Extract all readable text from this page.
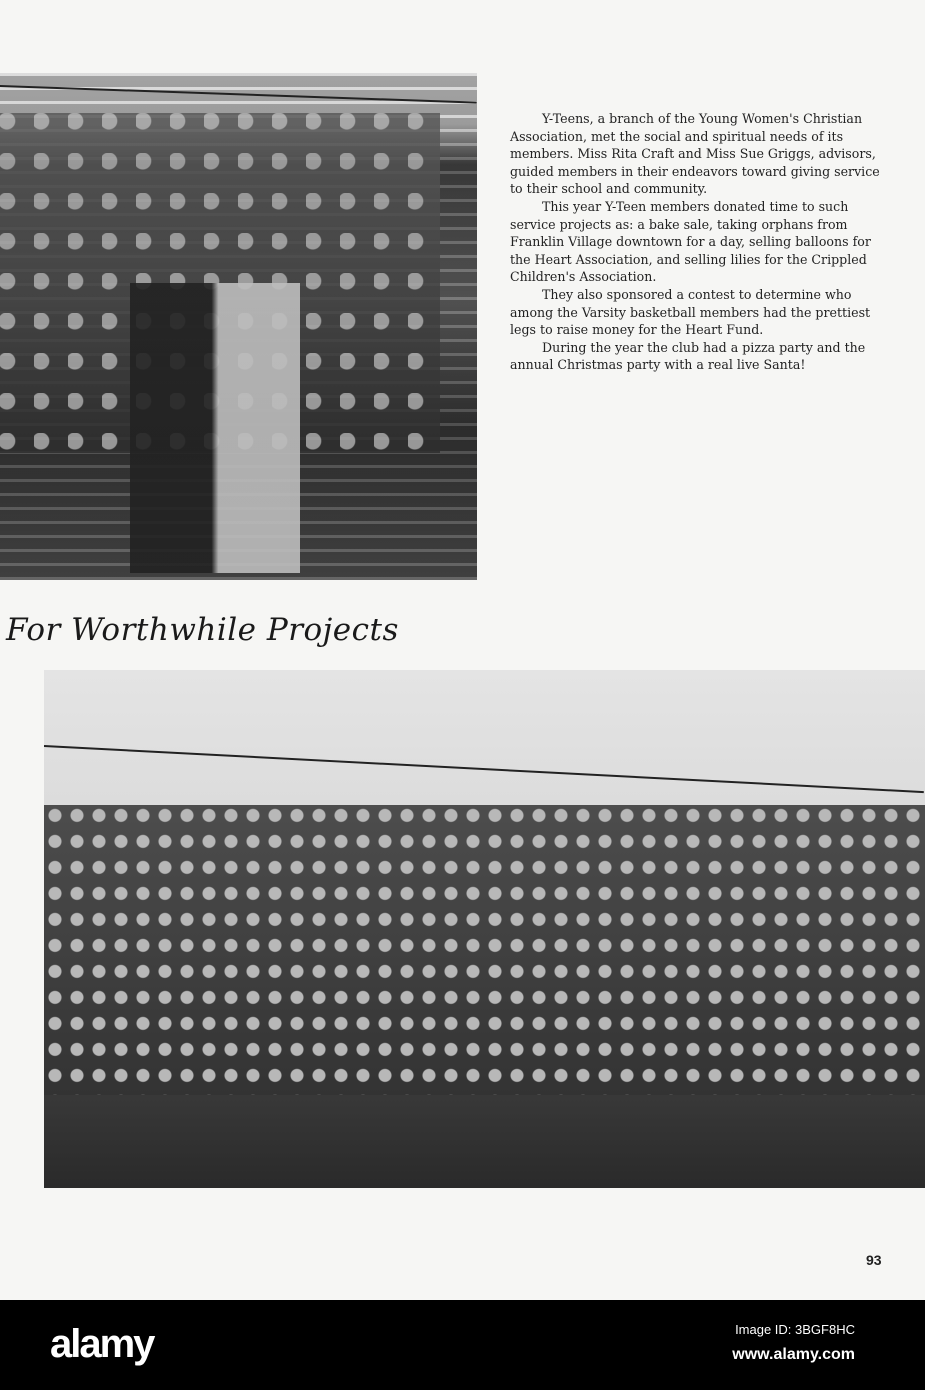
Y-Teens, a branch of the Young Women's Christian Association, met the social and spiritual needs of its members. Miss Rita Craft and Miss Sue Griggs, advisors, guided members in their endeavors toward giving service to their school and community.

This year Y-Teen members donated time to such service projects as: a bake sale, taking orphans from Franklin Village downtown for a day, selling balloons for the Heart Association, and selling lilies for the Crippled Children's Association.

They also sponsored a contest to determine who among the Varsity basketball members had the prettiest legs to raise money for the Heart Fund.

During the year the club had a pizza party and the annual Christmas party with a real live Santa!

For Worthwhile Projects
93
alamy	Image ID: 3BGF8HC
www.alamy.com
